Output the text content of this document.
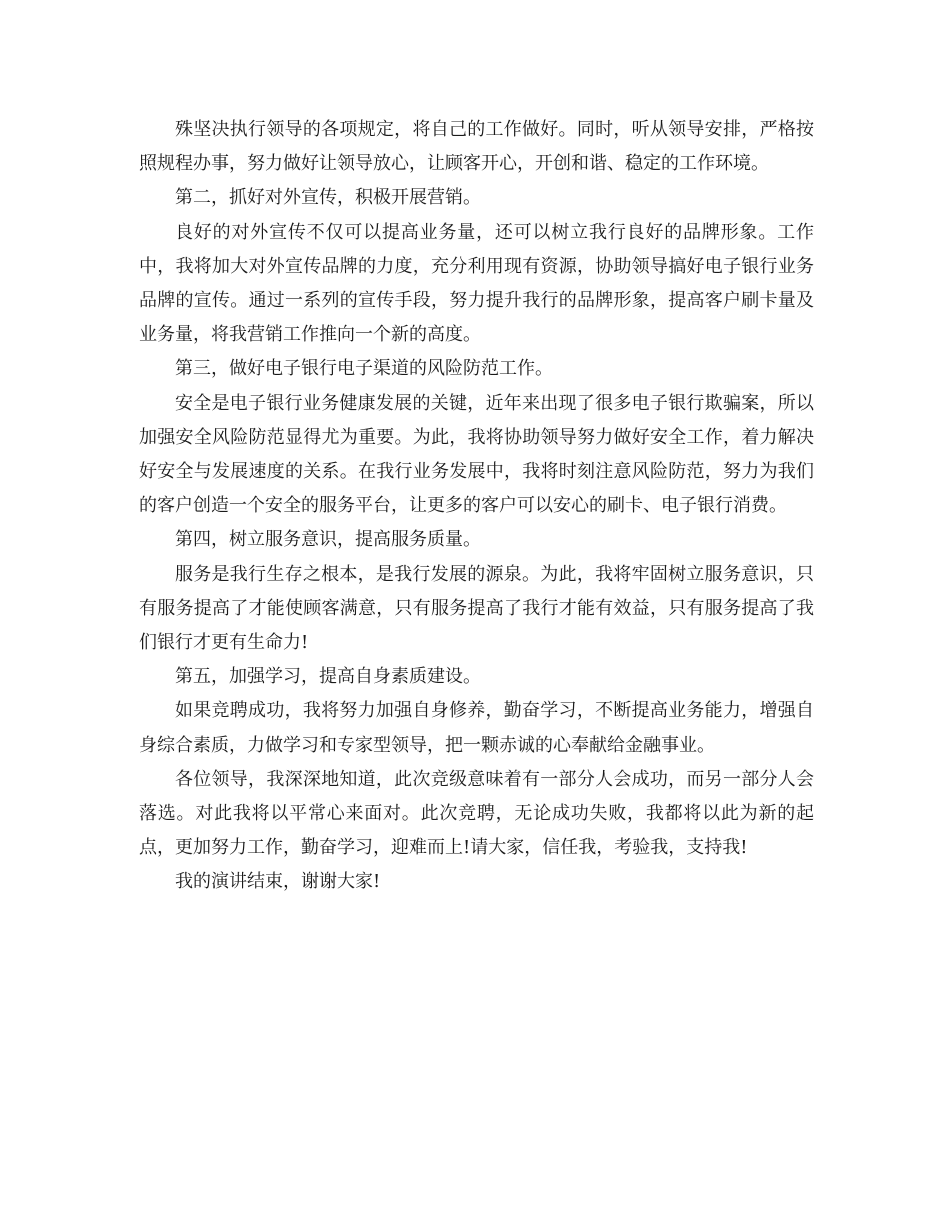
殊坚决执行领导的各项规定，将自己的工作做好。同时，听从领导安排，严格按照规程办事，努力做好让领导放心，让顾客开心，开创和谐、稳定的工作环境。

第二，抓好对外宣传，积极开展营销。

良好的对外宣传不仅可以提高业务量，还可以树立我行良好的品牌形象。工作中，我将加大对外宣传品牌的力度，充分利用现有资源，协助领导搞好电子银行业务品牌的宣传。通过一系列的宣传手段，努力提升我行的品牌形象，提高客户刷卡量及业务量，将我营销工作推向一个新的高度。

第三，做好电子银行电子渠道的风险防范工作。

安全是电子银行业务健康发展的关键，近年来出现了很多电子银行欺骗案，所以加强安全风险防范显得尤为重要。为此，我将协助领导努力做好安全工作，着力解决好安全与发展速度的关系。在我行业务发展中，我将时刻注意风险防范，努力为我们的客户创造一个安全的服务平台，让更多的客户可以安心的刷卡、电子银行消费。

第四，树立服务意识，提高服务质量。

服务是我行生存之根本，是我行发展的源泉。为此，我将牢固树立服务意识，只有服务提高了才能使顾客满意，只有服务提高了我行才能有效益，只有服务提高了我们银行才更有生命力!

第五，加强学习，提高自身素质建设。

如果竞聘成功，我将努力加强自身修养，勤奋学习，不断提高业务能力，增强自身综合素质，力做学习和专家型领导，把一颗赤诚的心奉献给金融事业。

各位领导，我深深地知道，此次竞级意味着有一部分人会成功，而另一部分人会落选。对此我将以平常心来面对。此次竞聘，无论成功失败，我都将以此为新的起点，更加努力工作，勤奋学习，迎难而上!请大家，信任我，考验我，支持我!

我的演讲结束，谢谢大家!
